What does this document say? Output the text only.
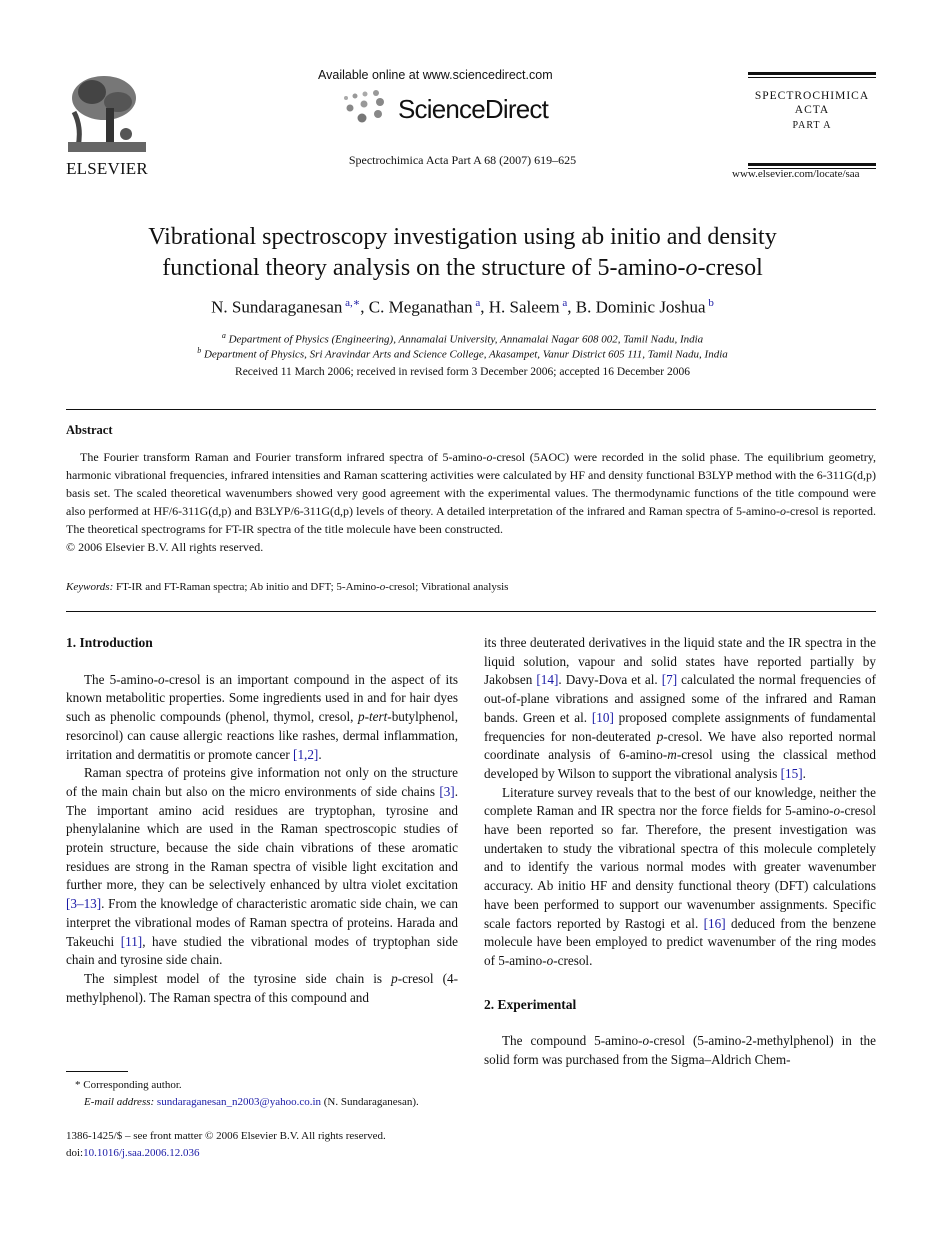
ELSEVIER
Available online at www.sciencedirect.com
ScienceDirect
Spectrochimica Acta Part A 68 (2007) 619–625
SPECTROCHIMICA
ACTA
PART A
www.elsevier.com/locate/saa
Vibrational spectroscopy investigation using ab initio and density
functional theory analysis on the structure of 5-amino-o-cresol
N. Sundaraganesan $^{a,∗}$, C. Meganathan $^a$, H. Saleem $^a$, B. Dominic Joshua $^b$
$^a$ Department of Physics (Engineering), Annamalai University, Annamalai Nagar 608 002, Tamil Nadu, India
$^b$ Department of Physics, Sri Aravindar Arts and Science College, Akasampet, Vanur District 605 111, Tamil Nadu, India
Received 11 March 2006; received in revised form 3 December 2006; accepted 16 December 2006
Abstract
The Fourier transform Raman and Fourier transform infrared spectra of 5-amino-o-cresol (5AOC) were recorded in the solid phase. The equilibrium geometry, harmonic vibrational frequencies, infrared intensities and Raman scattering activities were calculated by HF and density functional B3LYP method with the 6-311G(d,p) basis set. The scaled theoretical wavenumbers showed very good agreement with the experimental values. The thermodynamic functions of the title compound were also performed at HF/6-311G(d,p) and B3LYP/6-311G(d,p) levels of theory. A detailed interpretation of the infrared and Raman spectra of 5-amino-o-cresol is reported. The theoretical spectrograms for FT-IR spectra of the title molecule have been constructed.
© 2006 Elsevier B.V. All rights reserved.
Keywords: FT-IR and FT-Raman spectra; Ab initio and DFT; 5-Amino-o-cresol; Vibrational analysis
1. Introduction
The 5-amino-o-cresol is an important compound in the aspect of its known metabolitic properties. Some ingredients used in and for hair dyes such as phenolic compounds (phenol, thymol, cresol, p-tert-butylphenol, resorcinol) can cause allergic reactions like rashes, dermal inflammation, irritation and dermatitis or promote cancer [1,2].
Raman spectra of proteins give information not only on the structure of the main chain but also on the micro environments of side chains [3]. The important amino acid residues are tryptophan, tyrosine and phenylalanine which are used in the Raman spectroscopic studies of protein structure, because the side chain vibrations of these aromatic residues are strong in the Raman spectra of visible light excitation and further more, they can be selectively enhanced by ultra violet excitation [3–13]. From the knowledge of characteristic aromatic side chain, we can interpret the vibrational modes of Raman spectra of proteins. Harada and Takeuchi [11], have studied the vibrational modes of tryptophan side chain and tyrosine side chain.
The simplest model of the tyrosine side chain is p-cresol (4-methylphenol). The Raman spectra of this compound and
its three deuterated derivatives in the liquid state and the IR spectra in the liquid solution, vapour and solid states have reported partially by Jakobsen [14]. Davy-Dova et al. [7] calculated the normal frequencies of out-of-plane vibrations and assigned some of the infrared and Raman bands. Green et al. [10] proposed complete assignments of fundamental frequencies for non-deuterated p-cresol. We have also reported normal coordinate analysis of 6-amino-m-cresol using the classical method developed by Wilson to support the vibrational analysis [15].
Literature survey reveals that to the best of our knowledge, neither the complete Raman and IR spectra nor the force fields for 5-amino-o-cresol have been reported so far. Therefore, the present investigation was undertaken to study the vibrational spectra of this molecule completely and to identify the various normal modes with greater wavenumber accuracy. Ab initio HF and density functional theory (DFT) calculations have been performed to support our wavenumber assignments. Specific scale factors reported by Rastogi et al. [16] deduced from the benzene molecule have been employed to predict wavenumber of the ring modes of 5-amino-o-cresol.
2. Experimental
The compound 5-amino-o-cresol (5-amino-2-methylphenol) in the solid form was purchased from the Sigma–Aldrich Chem-
* Corresponding author.
E-mail address: sundaraganesan_n2003@yahoo.co.in (N. Sundaraganesan).
1386-1425/$ – see front matter © 2006 Elsevier B.V. All rights reserved.
doi:10.1016/j.saa.2006.12.036
